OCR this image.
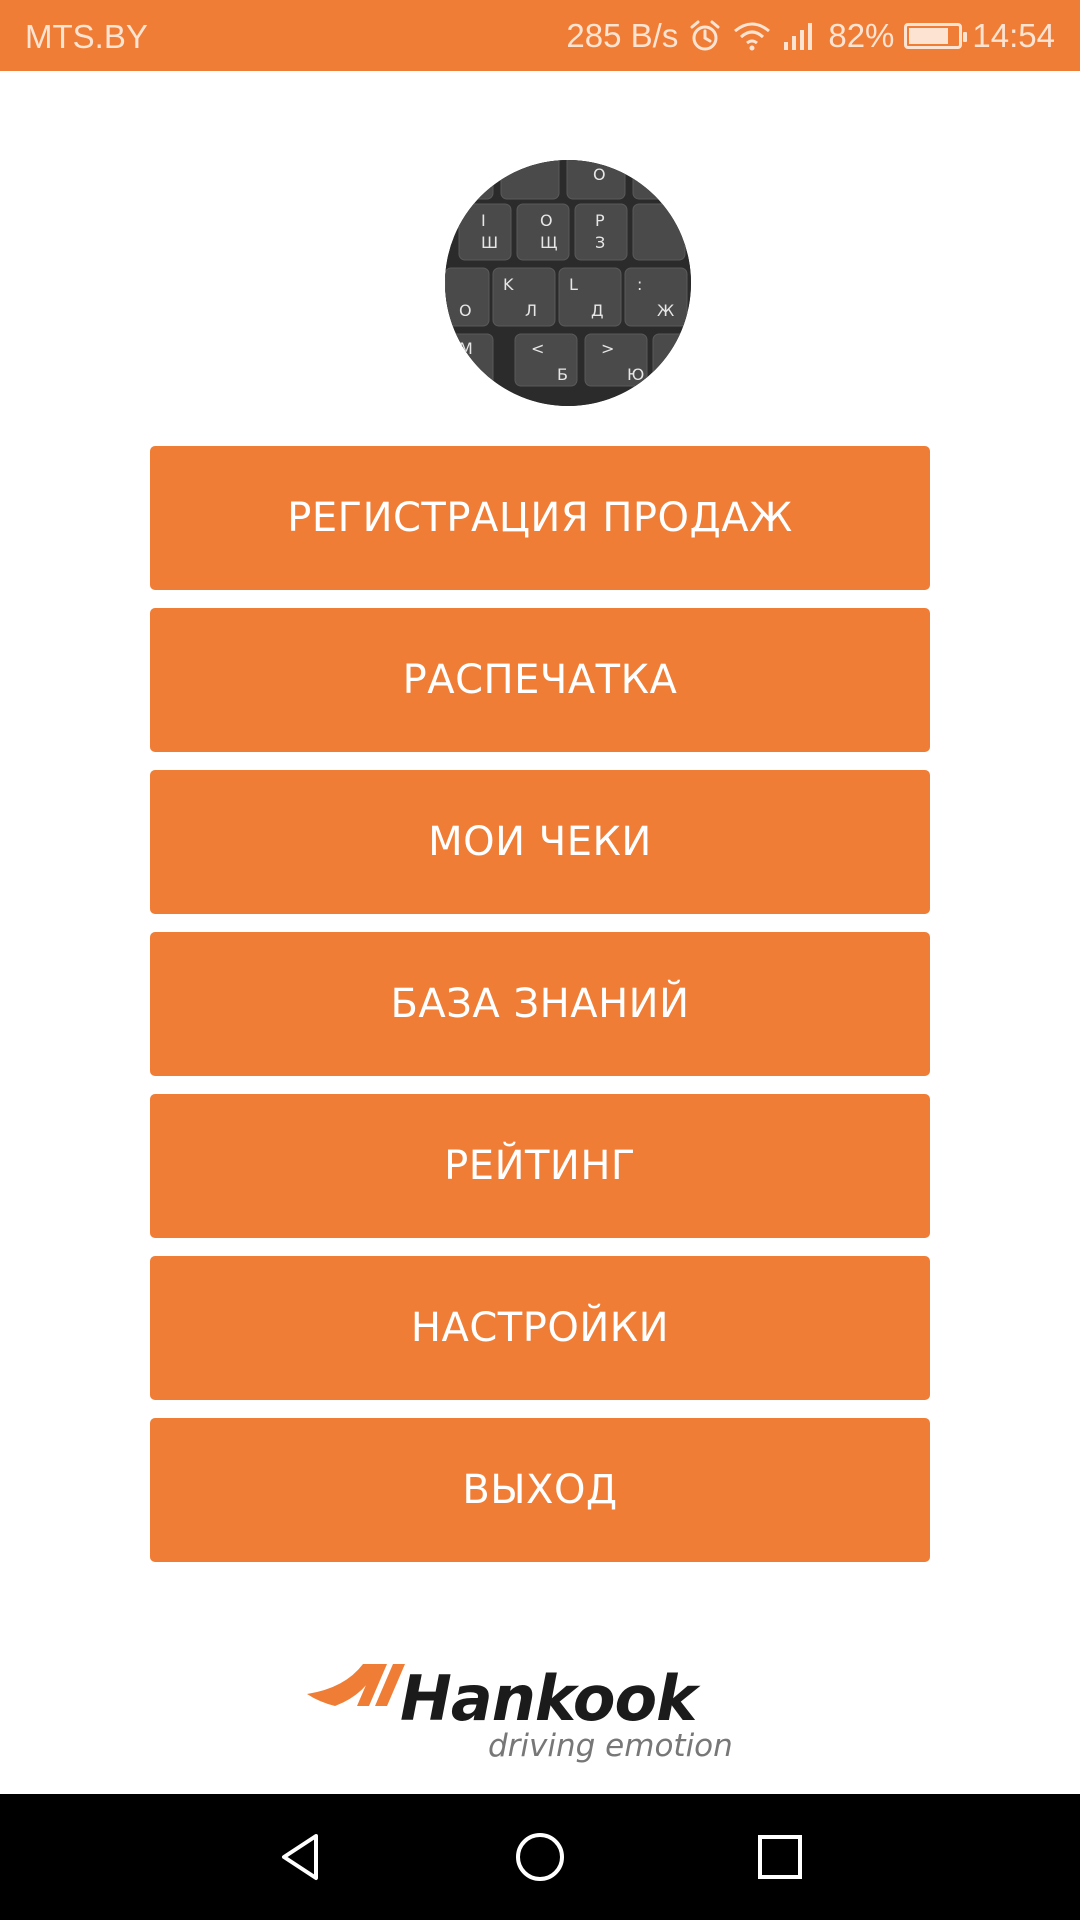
MTS.BY	285 B/s	82% 14:54
O
I
Ш
O
Щ
P
З
О
K
Л
L
Д
:
Ж
M
Ь
<
Б
>
Ю
РЕГИСТРАЦИЯ ПРОДАЖ
РАСПЕЧАТКА
МОИ ЧЕКИ
БАЗА ЗНАНИЙ
РЕЙТИНГ
НАСТРОЙКИ
ВЫХОД
Hankook
driving emotion
